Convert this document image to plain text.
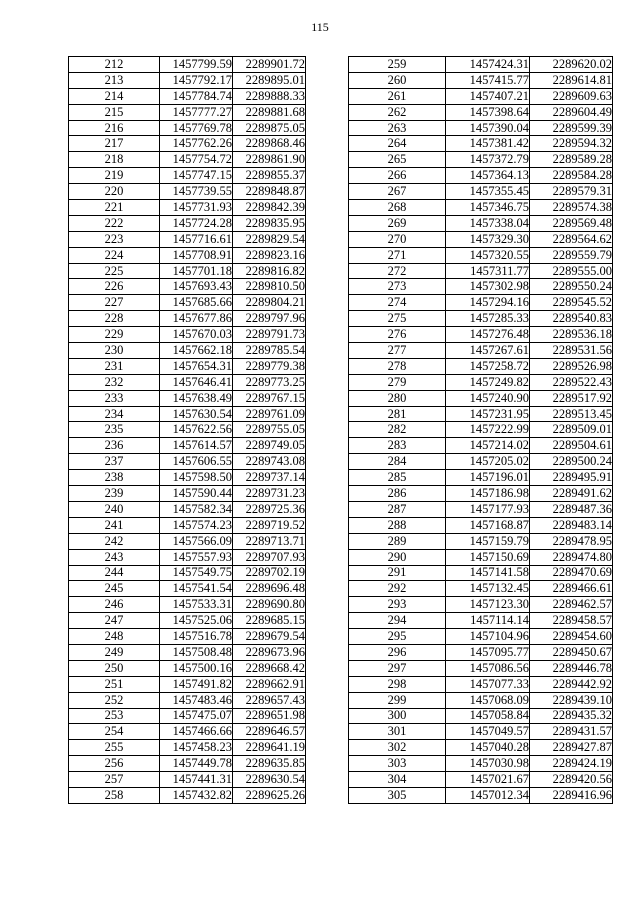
115
212	1457799.59	2289901.72
213	1457792.17	2289895.01
214	1457784.74	2289888.33
215	1457777.27	2289881.68
216	1457769.78	2289875.05
217	1457762.26	2289868.46
218	1457754.72	2289861.90
219	1457747.15	2289855.37
220	1457739.55	2289848.87
221	1457731.93	2289842.39
222	1457724.28	2289835.95
223	1457716.61	2289829.54
224	1457708.91	2289823.16
225	1457701.18	2289816.82
226	1457693.43	2289810.50
227	1457685.66	2289804.21
228	1457677.86	2289797.96
229	1457670.03	2289791.73
230	1457662.18	2289785.54
231	1457654.31	2289779.38
232	1457646.41	2289773.25
233	1457638.49	2289767.15
234	1457630.54	2289761.09
235	1457622.56	2289755.05
236	1457614.57	2289749.05
237	1457606.55	2289743.08
238	1457598.50	2289737.14
239	1457590.44	2289731.23
240	1457582.34	2289725.36
241	1457574.23	2289719.52
242	1457566.09	2289713.71
243	1457557.93	2289707.93
244	1457549.75	2289702.19
245	1457541.54	2289696.48
246	1457533.31	2289690.80
247	1457525.06	2289685.15
248	1457516.78	2289679.54
249	1457508.48	2289673.96
250	1457500.16	2289668.42
251	1457491.82	2289662.91
252	1457483.46	2289657.43
253	1457475.07	2289651.98
254	1457466.66	2289646.57
255	1457458.23	2289641.19
256	1457449.78	2289635.85
257	1457441.31	2289630.54
258	1457432.82	2289625.26
259	1457424.31	2289620.02
260	1457415.77	2289614.81
261	1457407.21	2289609.63
262	1457398.64	2289604.49
263	1457390.04	2289599.39
264	1457381.42	2289594.32
265	1457372.79	2289589.28
266	1457364.13	2289584.28
267	1457355.45	2289579.31
268	1457346.75	2289574.38
269	1457338.04	2289569.48
270	1457329.30	2289564.62
271	1457320.55	2289559.79
272	1457311.77	2289555.00
273	1457302.98	2289550.24
274	1457294.16	2289545.52
275	1457285.33	2289540.83
276	1457276.48	2289536.18
277	1457267.61	2289531.56
278	1457258.72	2289526.98
279	1457249.82	2289522.43
280	1457240.90	2289517.92
281	1457231.95	2289513.45
282	1457222.99	2289509.01
283	1457214.02	2289504.61
284	1457205.02	2289500.24
285	1457196.01	2289495.91
286	1457186.98	2289491.62
287	1457177.93	2289487.36
288	1457168.87	2289483.14
289	1457159.79	2289478.95
290	1457150.69	2289474.80
291	1457141.58	2289470.69
292	1457132.45	2289466.61
293	1457123.30	2289462.57
294	1457114.14	2289458.57
295	1457104.96	2289454.60
296	1457095.77	2289450.67
297	1457086.56	2289446.78
298	1457077.33	2289442.92
299	1457068.09	2289439.10
300	1457058.84	2289435.32
301	1457049.57	2289431.57
302	1457040.28	2289427.87
303	1457030.98	2289424.19
304	1457021.67	2289420.56
305	1457012.34	2289416.96
